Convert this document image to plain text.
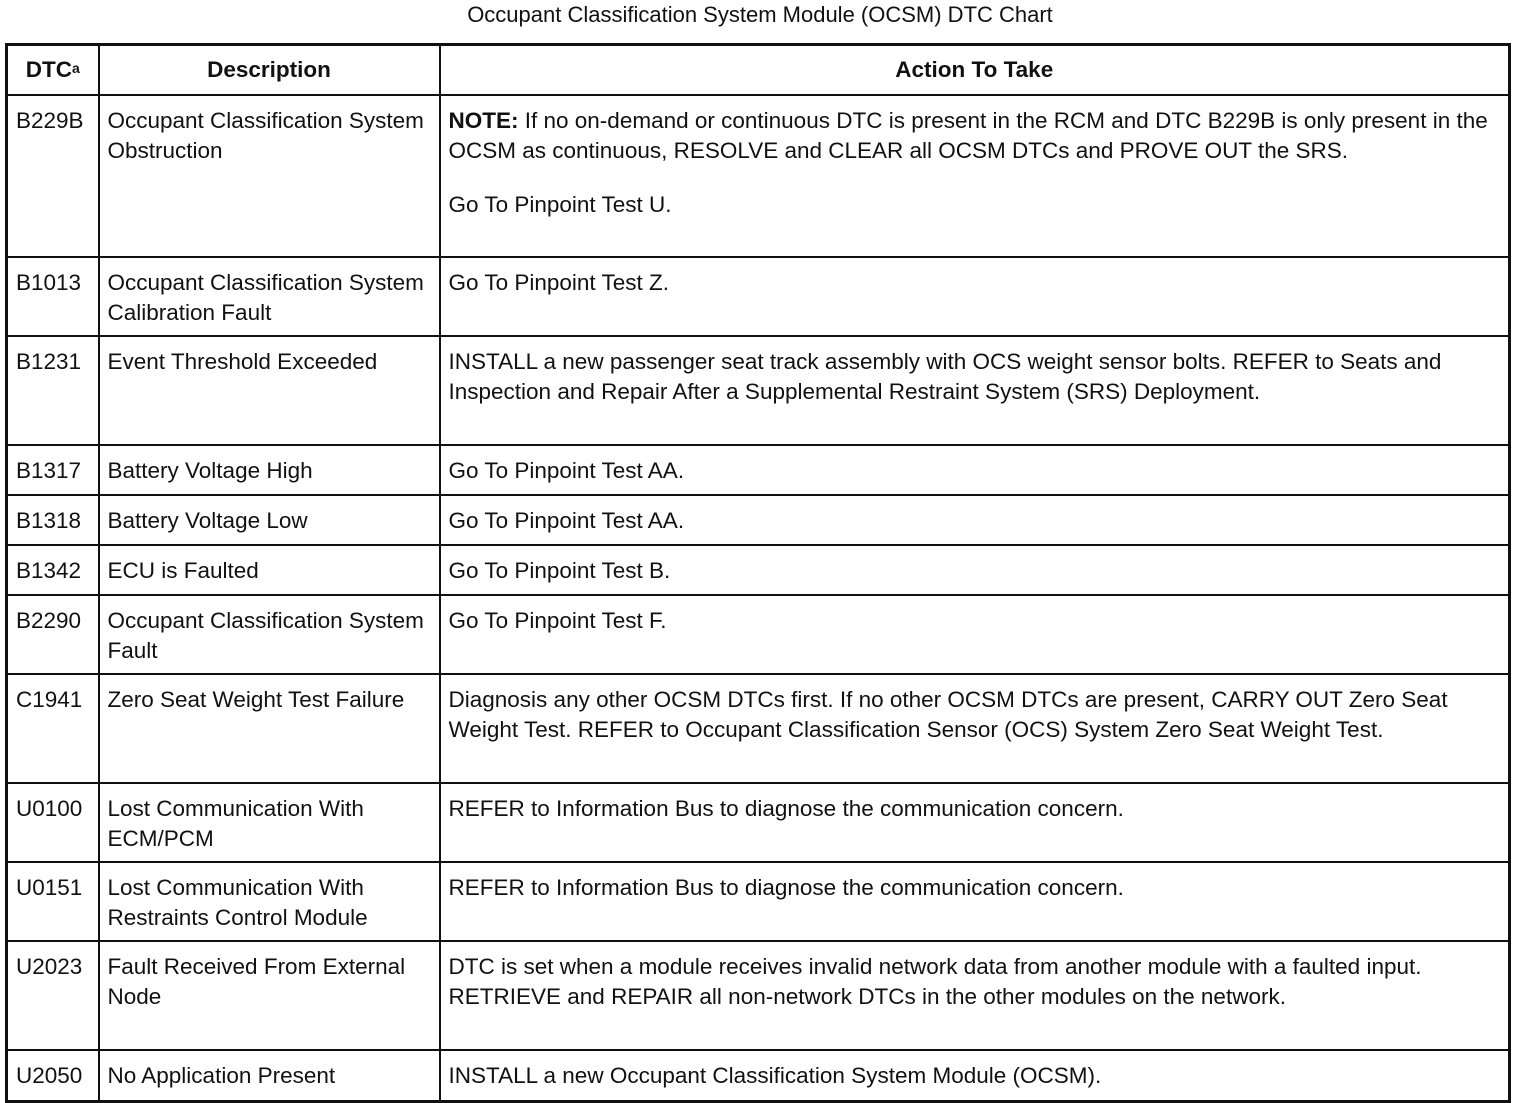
Occupant Classification System Module (OCSM) DTC Chart
DTC$^a$	Description	Action To Take
B229B	Occupant Classification System Obstruction	NOTE: If no on-demand or continuous DTC is present in the RCM and DTC B229B is only present in the OCSM as continuous, RESOLVE and CLEAR all OCSM DTCs and PROVE OUT the SRS.

Go To Pinpoint Test U.

B1013	Occupant Classification System Calibration Fault	Go To Pinpoint Test Z.
B1231	Event Threshold Exceeded	INSTALL a new passenger seat track assembly with OCS weight sensor bolts. REFER to Seats and Inspection and Repair After a Supplemental Restraint System (SRS) Deployment.
B1317	Battery Voltage High	Go To Pinpoint Test AA.
B1318	Battery Voltage Low	Go To Pinpoint Test AA.
B1342	ECU is Faulted	Go To Pinpoint Test B.
B2290	Occupant Classification System Fault	Go To Pinpoint Test F.
C1941	Zero Seat Weight Test Failure	Diagnosis any other OCSM DTCs first. If no other OCSM DTCs are present, CARRY OUT Zero Seat Weight Test. REFER to Occupant Classification Sensor (OCS) System Zero Seat Weight Test.
U0100	Lost Communication With ECM/PCM	REFER to Information Bus to diagnose the communication concern.
U0151	Lost Communication With Restraints Control Module	REFER to Information Bus to diagnose the communication concern.
U2023	Fault Received From External Node	DTC is set when a module receives invalid network data from another module with a faulted input. RETRIEVE and REPAIR all non-network DTCs in the other modules on the network.
U2050	No Application Present	INSTALL a new Occupant Classification System Module (OCSM).
